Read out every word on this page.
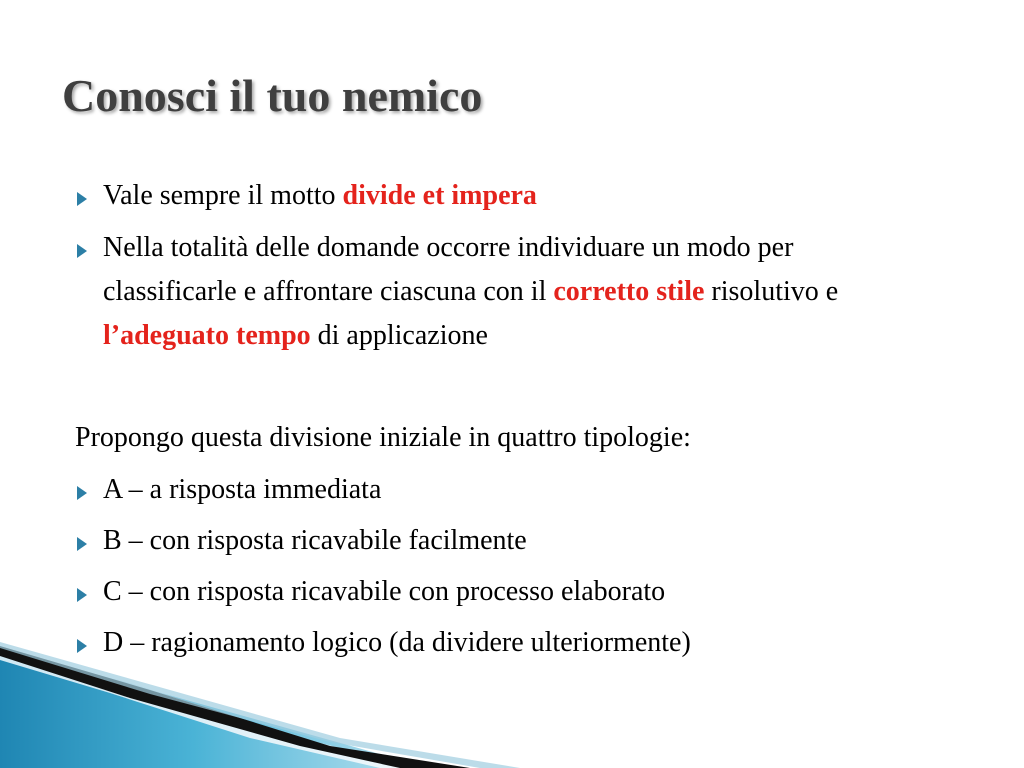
Conosci il tuo nemico
Vale sempre il motto divide et impera
Nella totalità delle domande occorre individuare un modo per classificarle e affrontare ciascuna con il corretto stile risolutivo e l’adeguato tempo di applicazione
Propongo questa divisione iniziale in quattro tipologie:
A – a risposta immediata
B – con risposta ricavabile facilmente
C – con risposta ricavabile con processo elaborato
D – ragionamento logico (da dividere ulteriormente)
